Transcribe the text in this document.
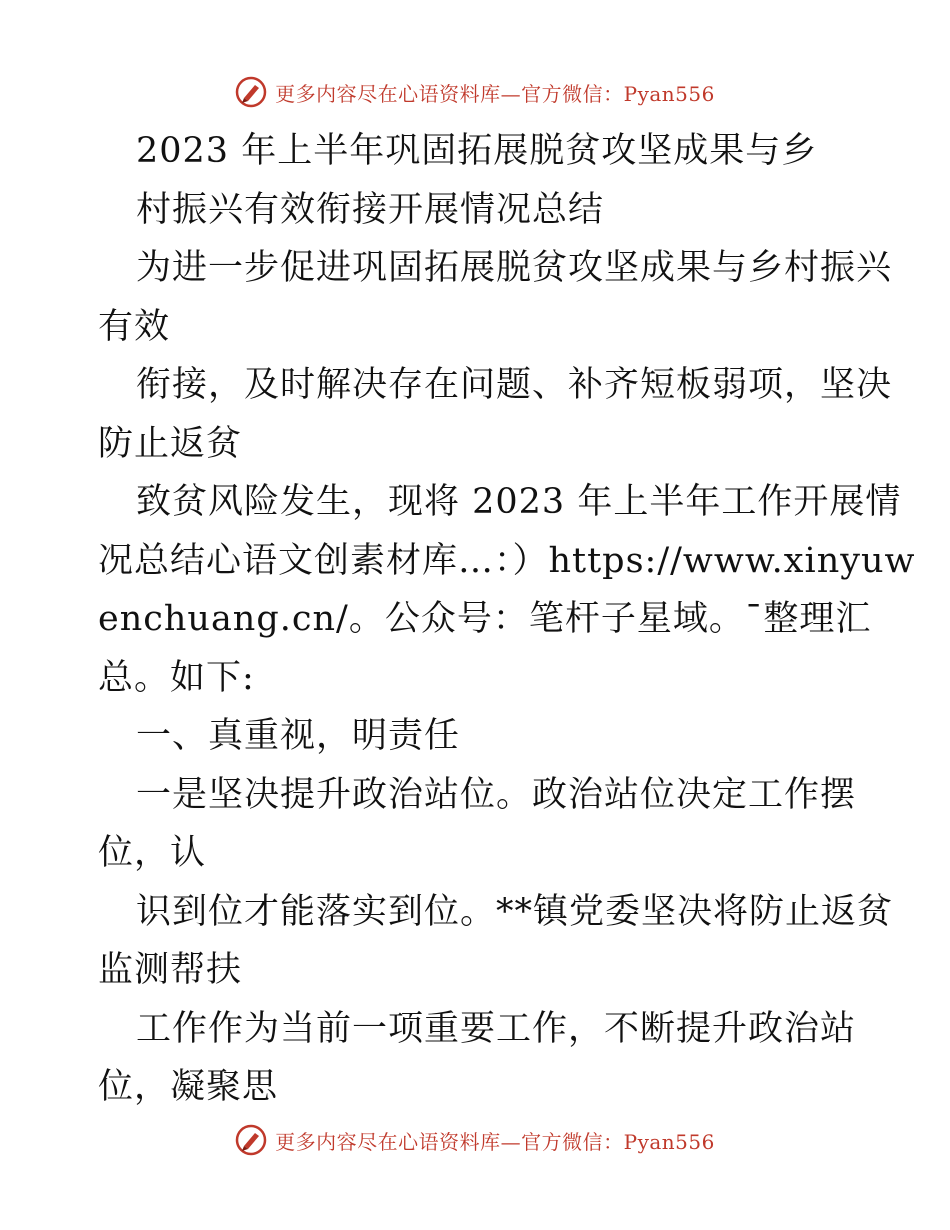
更多内容尽在心语资料库—官方微信：Pyan556
2023 年上半年巩固拓展脱贫攻坚成果与乡
村振兴有效衔接开展情况总结
为进一步促进巩固拓展脱贫攻坚成果与乡村振兴
有效
衔接，及时解决存在问题、补齐短板弱项，坚决
防止返贫
致贫风险发生，现将 2023 年上半年工作开展情
况总结心语文创素材库…：）https://www.xinyuw
enchuang.cn/。公众号：笔杆子星域。¯整理汇
总。如下:
一、真重视，明责任
一是坚决提升政治站位。政治站位决定工作摆
位，认
识到位才能落实到位。**镇党委坚决将防止返贫
监测帮扶
工作作为当前一项重要工作，不断提升政治站
位，凝聚思
更多内容尽在心语资料库—官方微信：Pyan556
